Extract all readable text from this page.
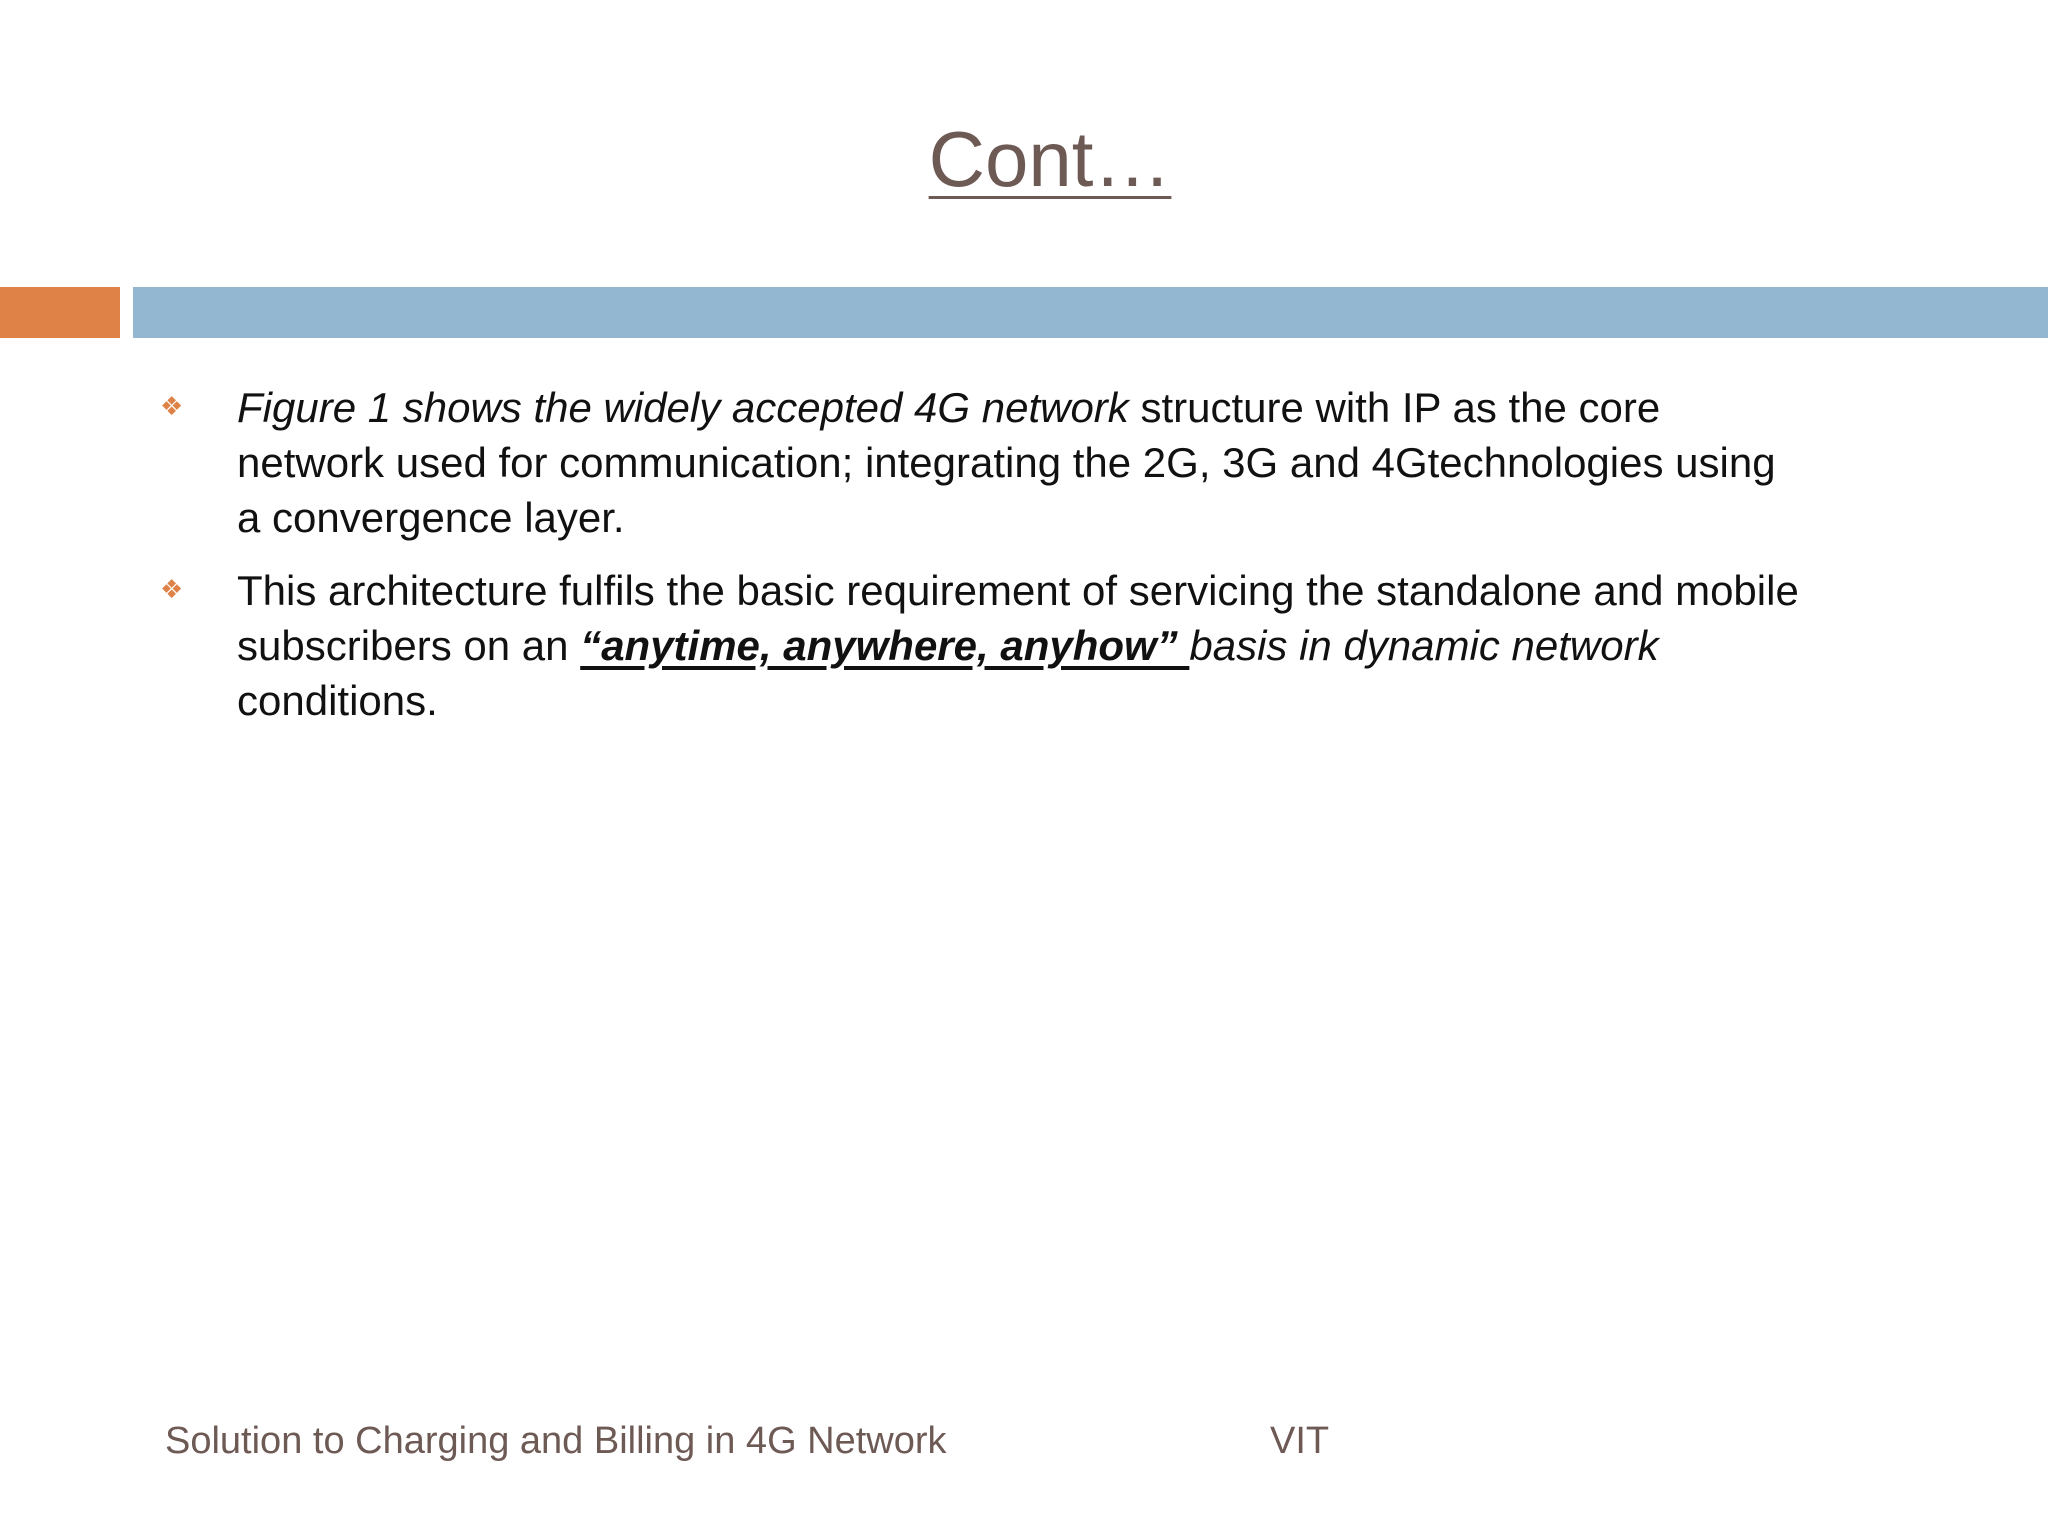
Cont…
❖	Figure 1 shows the widely accepted 4G network structure with IP as the core network used for communication; integrating the 2G, 3G and 4Gtechnologies using a convergence layer.
❖	This architecture fulfils the basic requirement of servicing the standalone and mobile subscribers on an “anytime, anywhere, anyhow” basis in dynamic network conditions.
Solution to Charging and Billing in 4G Network	VIT
